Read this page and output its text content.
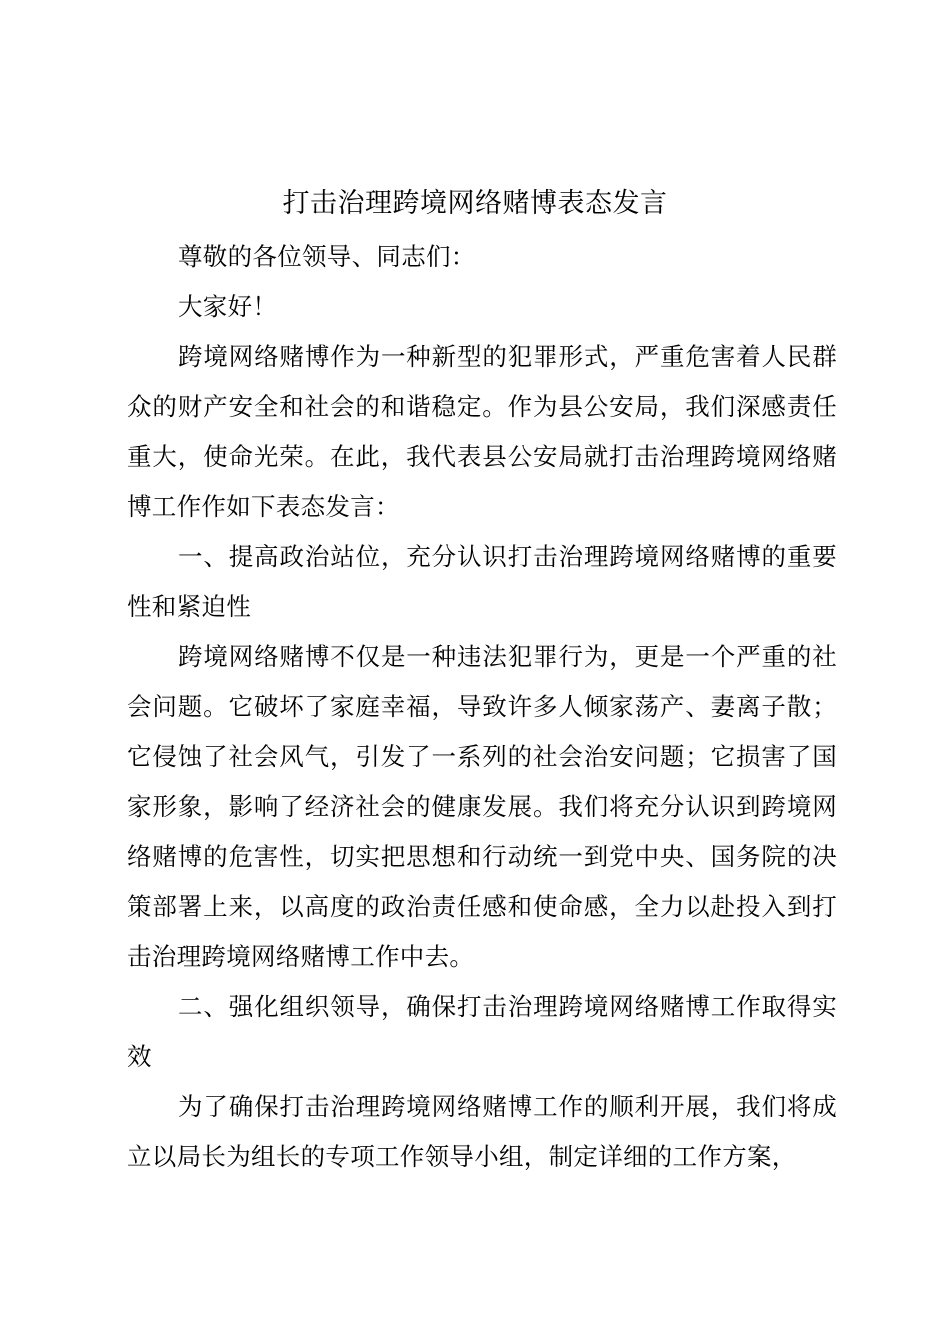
打击治理跨境网络赌博表态发言

尊敬的各位领导、同志们：

大家好！

跨境网络赌博作为一种新型的犯罪形式，严重危害着人民群众的财产安全和社会的和谐稳定。作为县公安局，我们深感责任重大，使命光荣。在此，我代表县公安局就打击治理跨境网络赌博工作作如下表态发言：

一、提高政治站位，充分认识打击治理跨境网络赌博的重要性和紧迫性

跨境网络赌博不仅是一种违法犯罪行为，更是一个严重的社会问题。它破坏了家庭幸福，导致许多人倾家荡产、妻离子散；它侵蚀了社会风气，引发了一系列的社会治安问题；它损害了国家形象，影响了经济社会的健康发展。我们将充分认识到跨境网络赌博的危害性，切实把思想和行动统一到党中央、国务院的决策部署上来，以高度的政治责任感和使命感，全力以赴投入到打击治理跨境网络赌博工作中去。

二、强化组织领导，确保打击治理跨境网络赌博工作取得实效

为了确保打击治理跨境网络赌博工作的顺利开展，我们将成立以局长为组长的专项工作领导小组，制定详细的工作方案，
